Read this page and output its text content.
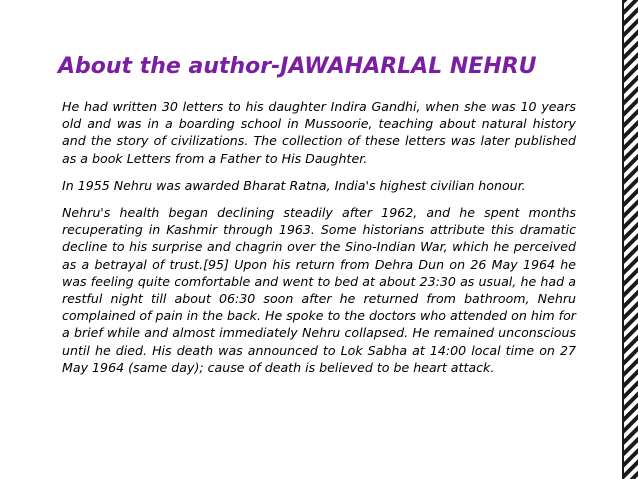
About the author-JAWAHARLAL NEHRU

He had written 30 letters to his daughter Indira Gandhi, when she was 10 years old and was in a boarding school in Mussoorie, teaching about natural history and the story of civilizations. The collection of these letters was later published as a book Letters from a Father to His Daughter.

In 1955 Nehru was awarded Bharat Ratna, India's highest civilian honour.

Nehru's health began declining steadily after 1962, and he spent months recuperating in Kashmir through 1963. Some historians attribute this dramatic decline to his surprise and chagrin over the Sino-Indian War, which he perceived as a betrayal of trust.[95] Upon his return from Dehra Dun on 26 May 1964 he was feeling quite comfortable and went to bed at about 23:30 as usual, he had a restful night till about 06:30 soon after he returned from bathroom, Nehru complained of pain in the back. He spoke to the doctors who attended on him for a brief while and almost immediately Nehru collapsed. He remained unconscious until he died. His death was announced to Lok Sabha at 14:00 local time on 27 May 1964 (same day); cause of death is believed to be heart attack.
